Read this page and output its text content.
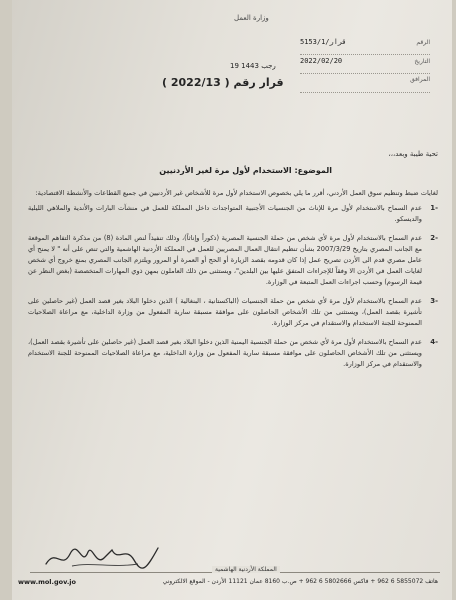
وزارة العمل
الرقم
5153/1/قرار
التاريخ
2022/02/20
المرافق
19 رجب 1443
قرار رقم ( 2022/13 )
تحية طيبة وبعد،،،
الموضوع: الاستخدام لأول مرة لغير الأردنيين

لغايات ضبط وتنظيم سوق العمل الأردني، أقرر ما يلي بخصوص الاستخدام لأول مرة للأشخاص غير الأردنيين في جميع القطاعات والأنشطة الاقتصادية:

-1
عدم السماح بالاستخدام لأول مرة للإناث من الجنسيات الأجنبية المتواجدات داخل المملكة للعمل في منشآت البارات والأندية والملاهي الليلية والديسكو.
-2
عدم السماح بالاستخدام لأول مرة لأي شخص من حملة الجنسية المصرية (ذكوراً وإناثاً)، وذلك تنفيذاً لنص المادة (8) من مذكرة التفاهم الموقعة مع الجانب المصري بتاريخ 2007/3/29 بشأن تنظيم انتقال العمال المصريين للعمل في المملكة الأردنية الهاشمية والتي تنص على أنه " لا يمنح أي عامل مصري قدم الى الأردن تصريح عمل إذا كان قدومه بقصد الزيارة أو الحج أو العمرة أو المرور ويلتزم الجانب المصري بمنع خروج أي شخص لغايات العمل في الأردن الا وفقاً للإجراءات المتفق عليها بين البلدين"، ويستثنى من ذلك العاملون بمهن ذوي المهارات المتخصصة (بغض النظر عن قيمة الرسوم) وحسب اجراءات العمل المتبعة في الوزارة.
-3
عدم السماح بالاستخدام لأول مرة لأي شخص من حملة الجنسيات (الباكستانية ، البنغالية ) الذين دخلوا البلاد بغير قصد العمل (غير حاصلين على تأشيرة بقصد العمل)، ويستثنى من تلك الأشخاص الحاصلون على موافقة مسبقة سارية المفعول من وزارة الداخلية، مع مراعاة الصلاحيات الممنوحة للجنة الاستخدام والاستقدام في مركز الوزارة.
-4
عدم السماح بالاستخدام لأول مرة لأي شخص من حملة الجنسية اليمنية الذين دخلوا البلاد بغير قصد العمل (غير حاصلين على تأشيرة بقصد العمل)، ويستثنى من تلك الأشخاص الحاصلون على موافقة مسبقة سارية المفعول من وزارة الداخلية، مع مراعاة الصلاحيات الممنوحة للجنة الاستخدام والاستقدام في مركز الوزارة.
المملكة الأردنية الهاشمية
هاتف 5855072 6 962 + فاكس 5802666 6 962 + ص.ب 8160 عمان 11121 الأردن - الموقع الالكتروني
www.mol.gov.jo
